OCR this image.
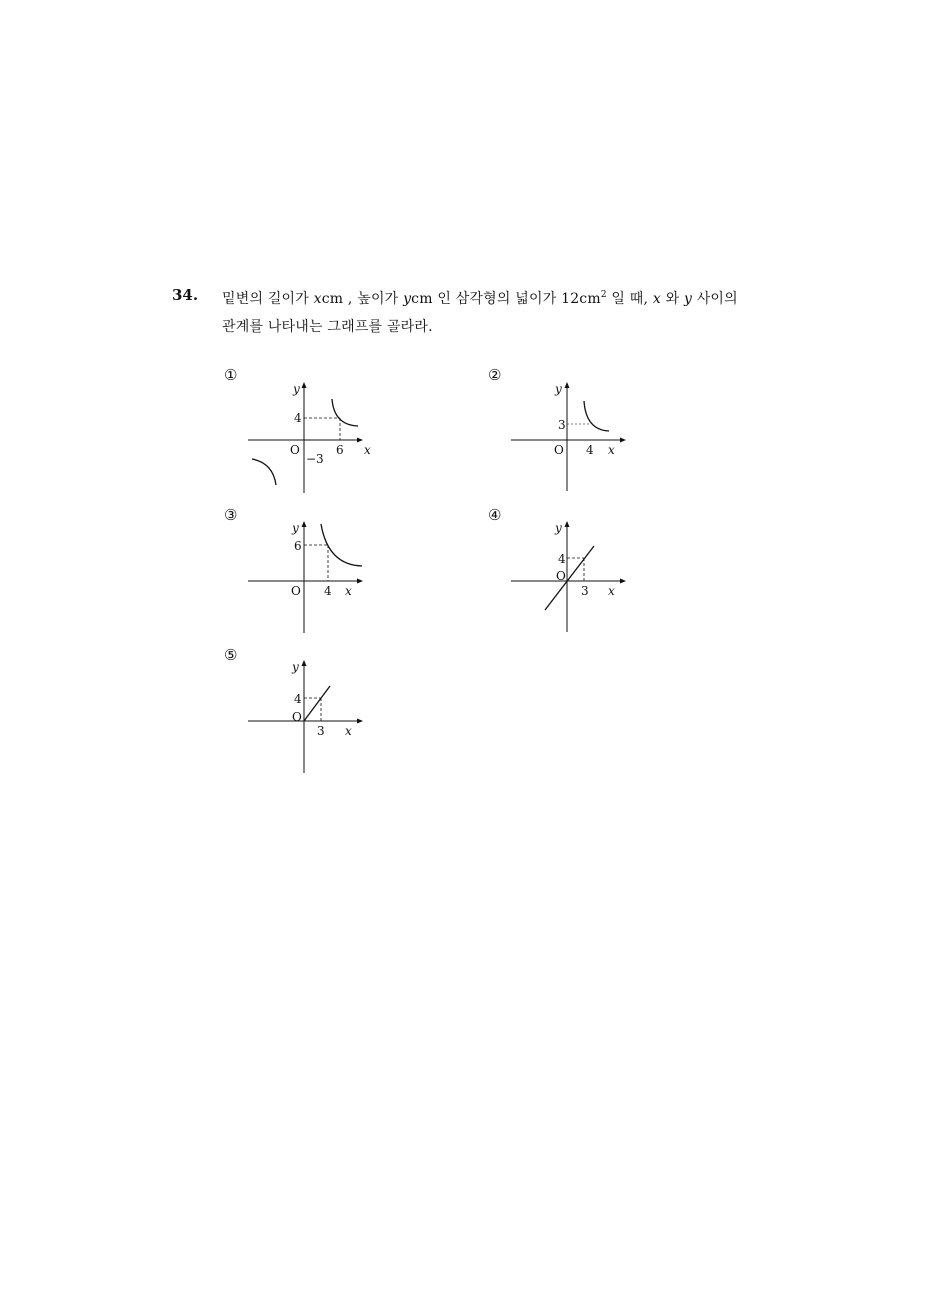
34. 밑변의 길이가 xcm , 높이가 ycm 인 삼각형의 넓이가 $12cm^2$ 일 때, x 와 y 사이의
관계를 나타내는 그래프를 골라라.
①	②
③	④
⑤
y
x
O
4
6
−3
y
x
O
3
4
y
x
O
6
4
y
x
O
4
3
y
x
O
4
3
